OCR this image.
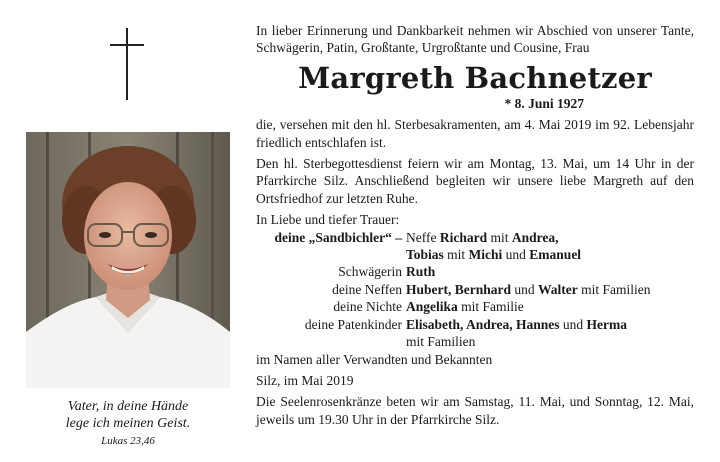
Vater, in deine Hände
lege ich meinen Geist.
Lukas 23,46

In lieber Erinnerung und Dankbarkeit nehmen wir Abschied von unserer Tante, Schwägerin, Patin, Großtante, Urgroßtante und Cousine, Frau

Margreth Bachnetzer
* 8. Juni 1927

die, versehen mit den hl. Sterbesakramenten, am 4. Mai 2019 im 92. Lebensjahr friedlich entschlafen ist.

Den hl. Sterbegottesdienst feiern wir am Montag, 13. Mai, um 14 Uhr in der Pfarrkirche Silz. Anschließend begleiten wir unsere liebe Margreth auf den Ortsfriedhof zur letzten Ruhe.

In Liebe und tiefer Trauer:

deine „Sandbichler“ – Neffe Richard mit Andrea,
Tobias mit Michi und Emanuel
Schwägerin Ruth
deine Neffen Hubert, Bernhard und Walter mit Familien
deine Nichte Angelika mit Familie
deine Patenkinder Elisabeth, Andrea, Hannes und Herma
mit Familien

im Namen aller Verwandten und Bekannten

Silz, im Mai 2019

Die Seelenrosenkränze beten wir am Samstag, 11. Mai, und Sonntag, 12. Mai, jeweils um 19.30 Uhr in der Pfarrkirche Silz.
